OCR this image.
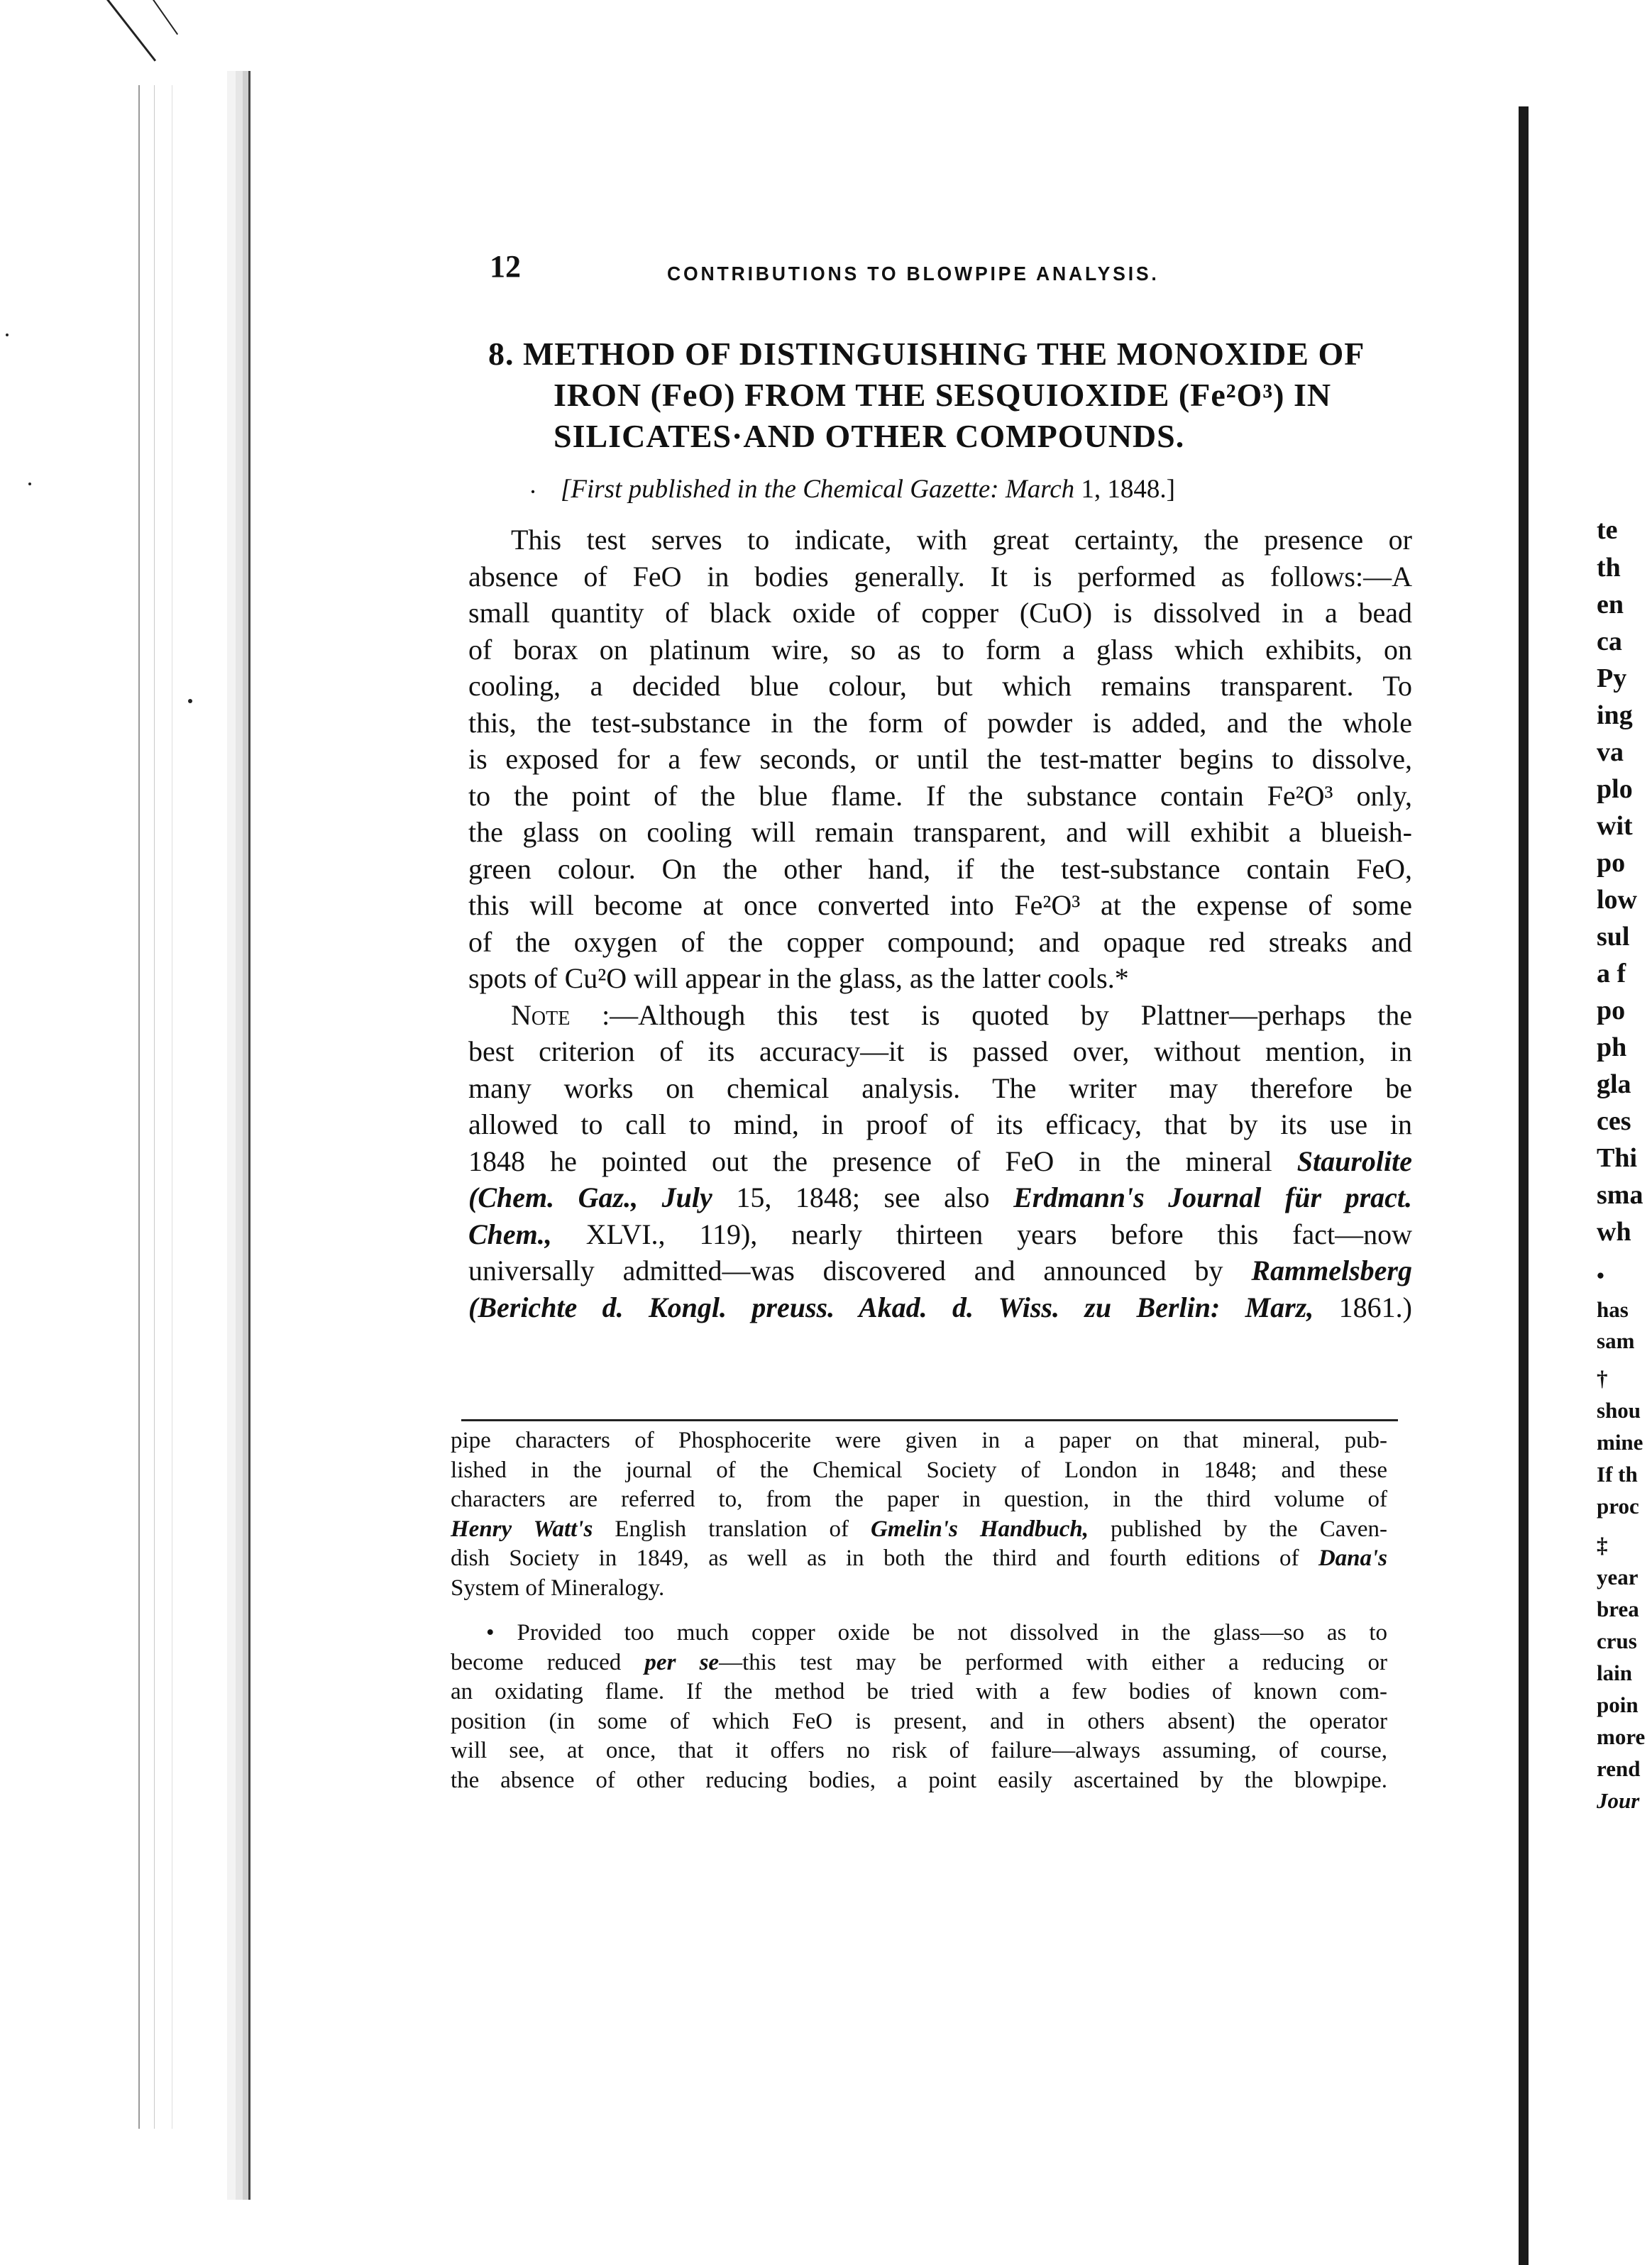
12	CONTRIBUTIONS TO BLOWPIPE ANALYSIS.
8. METHOD OF DISTINGUISHING THE MONOXIDE OF
IRON (FeO) FROM THE SESQUIOXIDE (Fe²O³) IN
SILICATES·AND OTHER COMPOUNDS.
· [First published in the Chemical Gazette: March 1, 1848.]
This test serves to indicate, with great certainty, the presence or
absence of FeO in bodies generally. It is performed as follows:—A
small quantity of black oxide of copper (CuO) is dissolved in a bead
of borax on platinum wire, so as to form a glass which exhibits, on
cooling, a decided blue colour, but which remains transparent. To
this, the test-substance in the form of powder is added, and the whole
is exposed for a few seconds, or until the test-matter begins to dissolve,
to the point of the blue flame. If the substance contain Fe²O³ only,
the glass on cooling will remain transparent, and will exhibit a blueish-
green colour. On the other hand, if the test-substance contain FeO,
this will become at once converted into Fe²O³ at the expense of some
of the oxygen of the copper compound; and opaque red streaks and
spots of Cu²O will appear in the glass, as the latter cools.*
Note :—Although this test is quoted by Plattner—perhaps the
best criterion of its accuracy—it is passed over, without mention, in
many works on chemical analysis. The writer may therefore be
allowed to call to mind, in proof of its efficacy, that by its use in
1848 he pointed out the presence of FeO in the mineral Staurolite
(Chem. Gaz., July 15, 1848; see also Erdmann's Journal für pract.
Chem., XLVI., 119), nearly thirteen years before this fact—now
universally admitted—was discovered and announced by Rammelsberg
(Berichte d. Kongl. preuss. Akad. d. Wiss. zu Berlin: Marz, 1861.)
pipe characters of Phosphocerite were given in a paper on that mineral, pub-
lished in the journal of the Chemical Society of London in 1848; and these
characters are referred to, from the paper in question, in the third volume of
Henry Watt's English translation of Gmelin's Handbuch, published by the Caven-
dish Society in 1849, as well as in both the third and fourth editions of Dana's
System of Mineralogy.
• Provided too much copper oxide be not dissolved in the glass—so as to
become reduced per se—this test may be performed with either a reducing or
an oxidating flame. If the method be tried with a few bodies of known com-
position (in some of which FeO is present, and in others absent) the operator
will see, at once, that it offers no risk of failure—always assuming, of course,
the absence of other reducing bodies, a point easily ascertained by the blowpipe.
te
th
en
ca
Py
ing
va
plo
wit
po
low
sul
a f
po
ph
gla
ces
Thi
sma
wh
•
has
sam
†
shou
mine
If th
proc
‡
year
brea
crus
lain
poin
more
rend
Jour
